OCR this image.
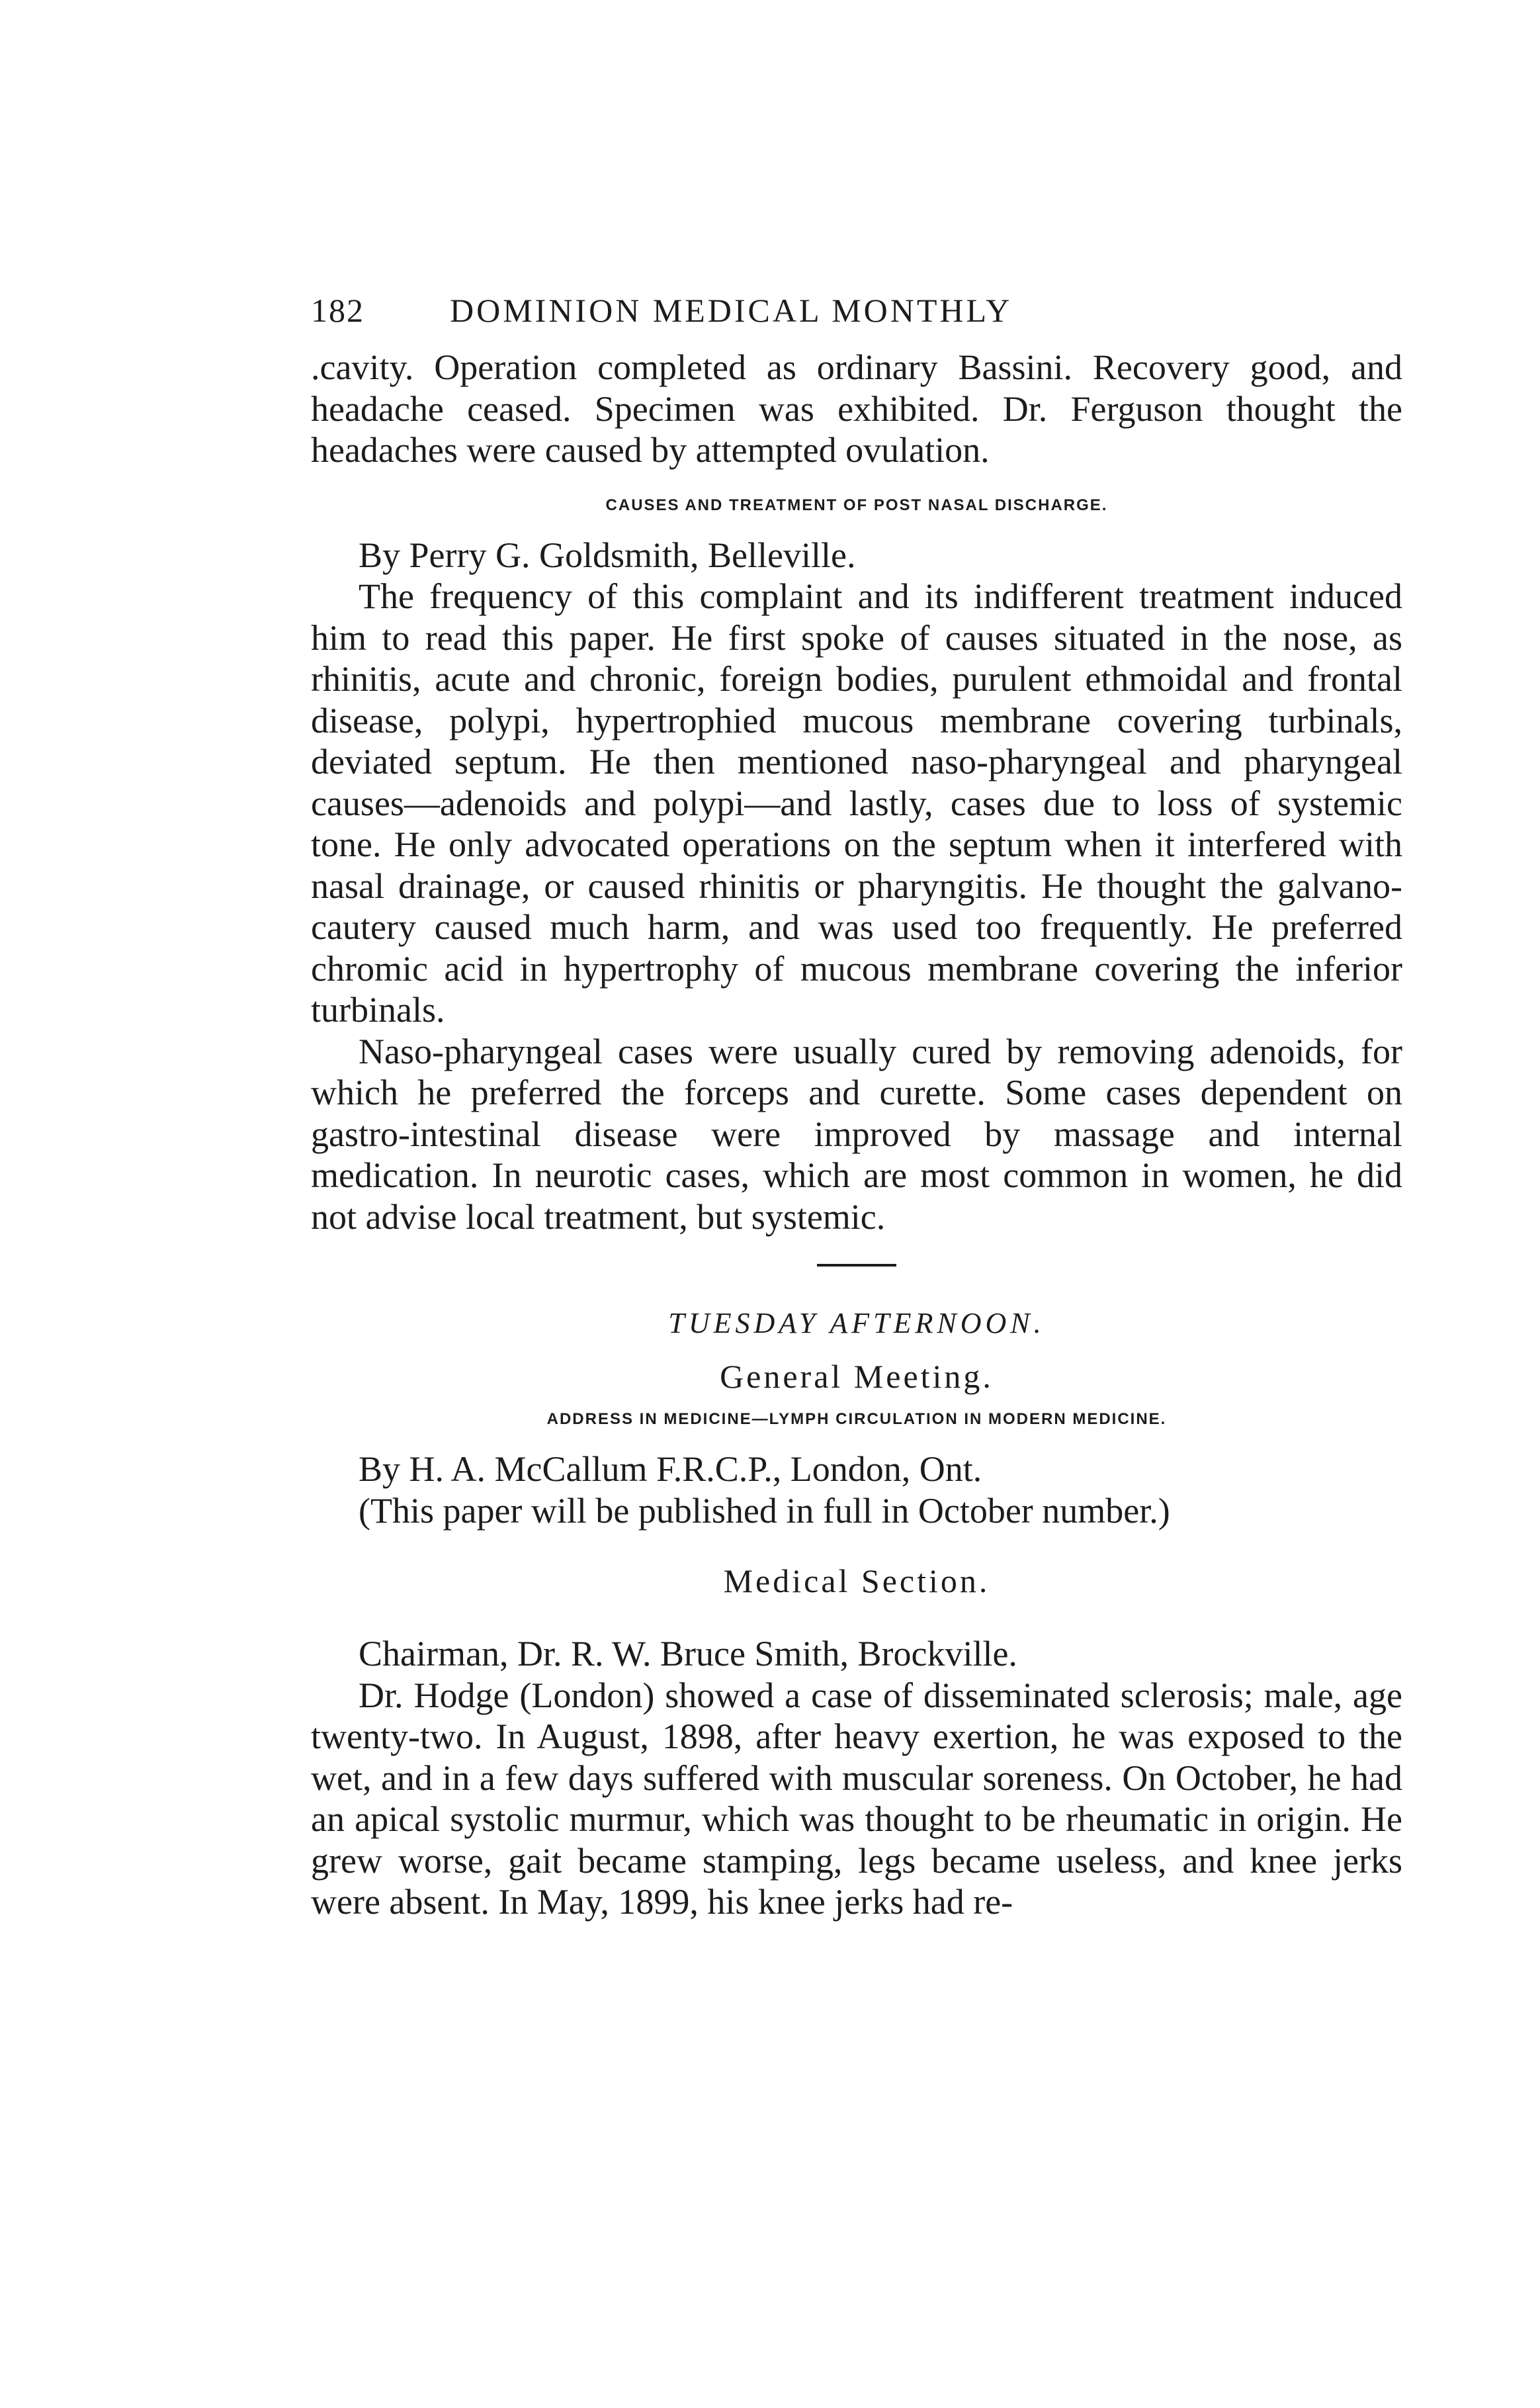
182	DOMINION MEDICAL MONTHLY

.cavity. Operation completed as ordinary Bassini. Recovery good, and headache ceased. Specimen was exhibited. Dr. Ferguson thought the headaches were caused by attempted ovulation.

CAUSES AND TREATMENT OF POST NASAL DISCHARGE.

By Perry G. Goldsmith, Belleville.

The frequency of this complaint and its indifferent treatment induced him to read this paper. He first spoke of causes situated in the nose, as rhinitis, acute and chronic, foreign bodies, purulent ethmoidal and frontal disease, polypi, hypertrophied mucous membrane covering turbinals, deviated septum. He then mentioned naso-pharyngeal and pharyngeal causes—adenoids and polypi—and lastly, cases due to loss of systemic tone. He only advocated operations on the septum when it interfered with nasal drainage, or caused rhinitis or pharyngitis. He thought the galvano-cautery caused much harm, and was used too frequently. He preferred chromic acid in hypertrophy of mucous membrane covering the inferior turbinals.

Naso-pharyngeal cases were usually cured by removing adenoids, for which he preferred the forceps and curette. Some cases dependent on gastro-intestinal disease were improved by massage and internal medication. In neurotic cases, which are most common in women, he did not advise local treatment, but systemic.

TUESDAY AFTERNOON.
General Meeting.
ADDRESS IN MEDICINE—LYMPH CIRCULATION IN MODERN MEDICINE.

By H. A. McCallum F.R.C.P., London, Ont.

(This paper will be published in full in October number.)

Medical Section.

Chairman, Dr. R. W. Bruce Smith, Brockville.

Dr. Hodge (London) showed a case of disseminated sclerosis; male, age twenty-two. In August, 1898, after heavy exertion, he was exposed to the wet, and in a few days suffered with muscular soreness. On October, he had an apical systolic murmur, which was thought to be rheumatic in origin. He grew worse, gait became stamping, legs became useless, and knee jerks were absent. In May, 1899, his knee jerks had re-
